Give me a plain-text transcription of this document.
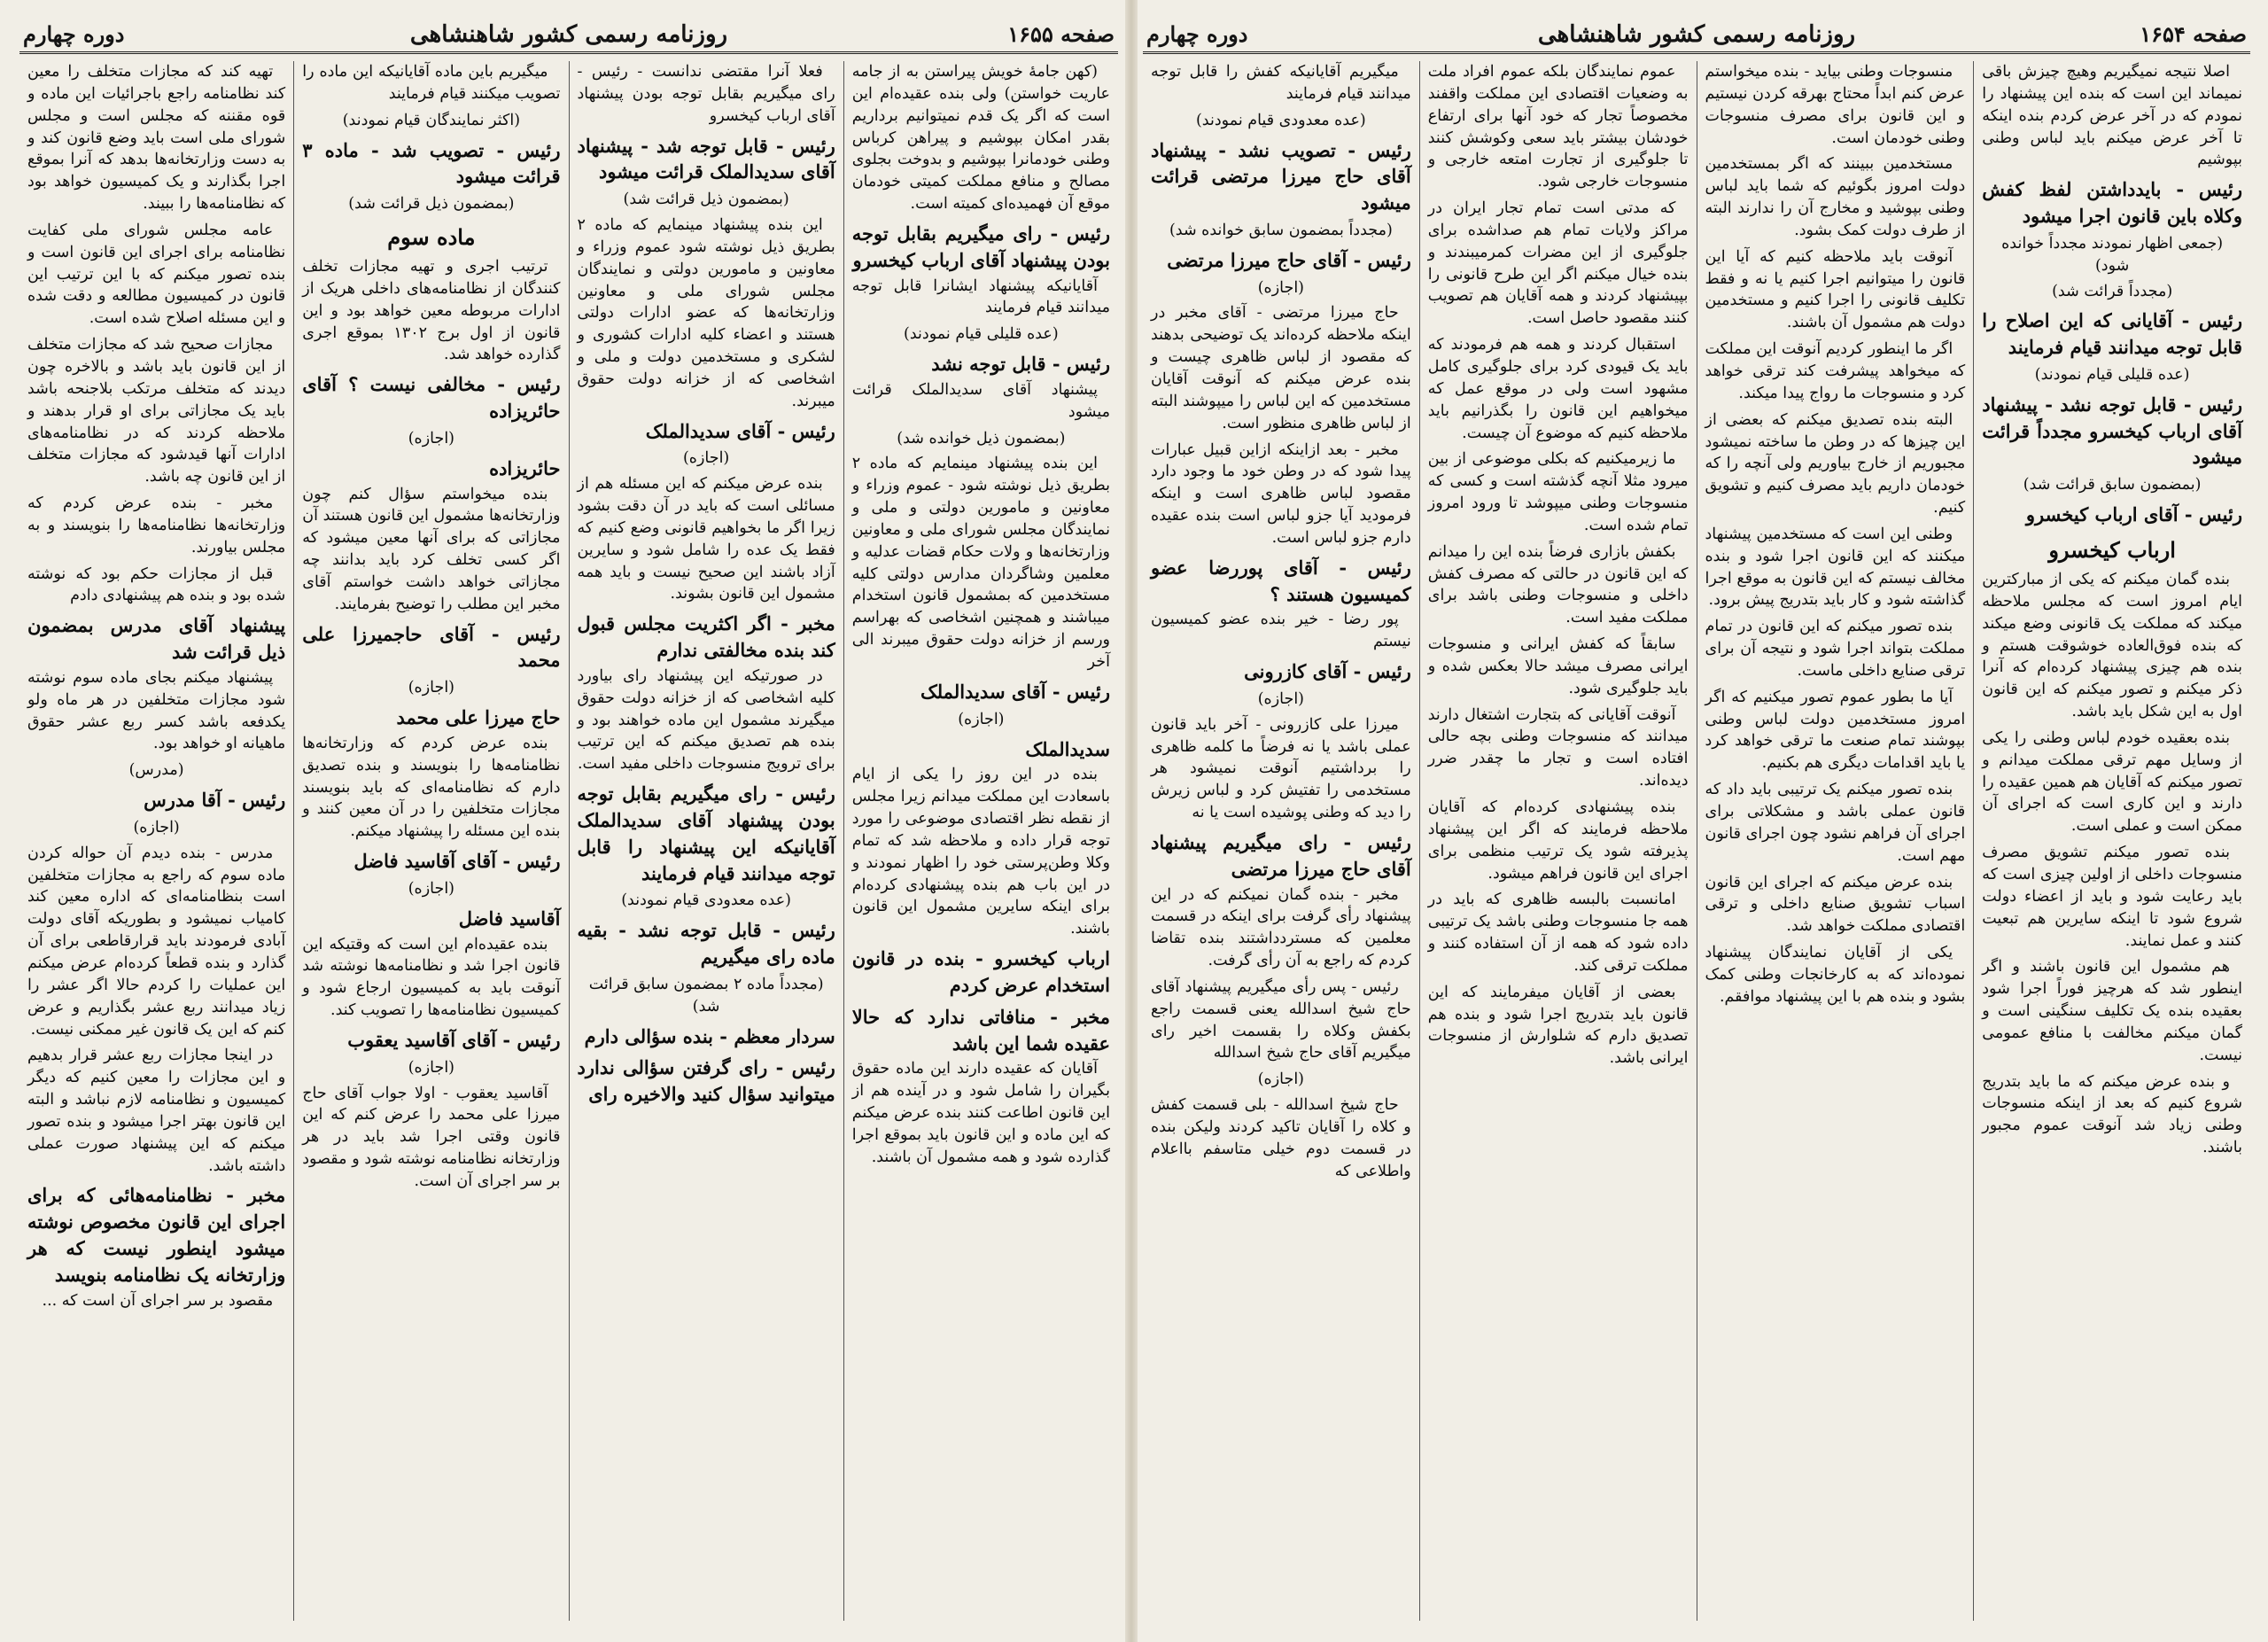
صفحه ۱۶۵۵
روزنامه رسمی کشور شاهنشاهی
دوره چهارم

(کهن جامهٔ خویش پیراستن به از جامه عاریت خواستن) ولی بنده عقیده‌ام این است که اگر یک قدم نمیتوانیم برداریم بقدر امکان بپوشیم و پیراهن کرباس وطنی خودمانرا بپوشیم و بدوخت بجلوی مصالح و منافع مملکت کمیتی خودمان موقع آن فهمیده‌ای کمیته است.

رئیس - رای میگیریم بقابل توجه بودن پیشنهاد آقای ارباب کیخسرو

آقایانیکه پیشنهاد ایشانرا قابل توجه میدانند قیام فرمایند

(عده قلیلی قیام نمودند)

رئیس - قابل توجه نشد

پیشنهاد آقای سدیدالملک قرائت میشود

(بمضمون ذیل خوانده شد)

این بنده پیشنهاد مینمایم که ماده ۲ بطریق ذیل نوشته شود - عموم وزراء و معاونین و مامورین دولتی و ملی و نمایندگان مجلس شورای ملی و معاونین وزارتخانه‌ها و ولات حکام قضات عدلیه و معلمین وشاگردان مدارس دولتی کلیه مستخدمین که بمشمول قانون استخدام میباشند و همچنین اشخاصی که بهراسم ورسم از خزانه دولت حقوق میبرند الی آخر

رئیس - آقای سدیدالملک

(اجازه)

سدیدالملک

بنده در این روز را یکی از ایام باسعادت این مملکت میدانم زیرا مجلس از نقطه نظر اقتصادی موضوعی را مورد توجه قرار داده و ملاحظه شد که تمام وکلا وطن‌پرستی خود را اظهار نمودند و در این باب هم بنده پیشنهادی کرده‌ام برای اینکه سایرین مشمول این قانون باشند.

ارباب کیخسرو - بنده در قانون استخدام عرض کردم

مخبر - منافاتی ندارد که حالا عقیده شما این باشد

آقایان که عقیده دارند این ماده حقوق بگیران را شامل شود و در آینده هم از این قانون اطاعت کنند بنده عرض میکنم که این ماده و این قانون باید بموقع اجرا گذارده شود و همه مشمول آن باشند.

فعلا آنرا مقتضی ندانست - رئیس - رای میگیریم بقابل توجه بودن پیشنهاد آقای ارباب کیخسرو

رئیس - قابل توجه شد - پیشنهاد آقای سدیدالملک قرائت میشود

(بمضمون ذیل قرائت شد)

این بنده پیشنهاد مینمایم که ماده ۲ بطریق ذیل نوشته شود عموم وزراء و معاونین و مامورین دولتی و نمایندگان مجلس شورای ملی و معاونین وزارتخانه‌ها که عضو ادارات دولتی هستند و اعضاء کلیه ادارات کشوری و لشکری و مستخدمین دولت و ملی و اشخاصی که از خزانه دولت حقوق میبرند.

رئیس - آقای سدیدالملک

(اجازه)

بنده عرض میکنم که این مسئله هم از مسائلی است که باید در آن دقت بشود زیرا اگر ما بخواهیم قانونی وضع کنیم که فقط یک عده را شامل شود و سایرین آزاد باشند این صحیح نیست و باید همه مشمول این قانون بشوند.

مخبر - اگر اکثریت مجلس قبول کند بنده مخالفتی ندارم

در صورتیکه این پیشنهاد رای بیاورد کلیه اشخاصی که از خزانه دولت حقوق میگیرند مشمول این ماده خواهند بود و بنده هم تصدیق میکنم که این ترتیب برای ترویج منسوجات داخلی مفید است.

رئیس - رای میگیریم بقابل توجه بودن پیشنهاد آقای سدیدالملک آقایانیکه این پیشنهاد را قابل توجه میدانند قیام فرمایند

(عده معدودی قیام نمودند)

رئیس - قابل توجه نشد - بقیه ماده رای میگیریم

(مجدداً ماده ۲ بمضمون سابق قرائت شد)

سردار معظم - بنده سؤالی دارم

رئیس - رای گرفتن سؤالی ندارد میتوانید سؤال کنید والاخیره رای

میگیریم باین ماده آقایانیکه این ماده را تصویب میکنند قیام فرمایند

(اکثر نمایندگان قیام نمودند)

رئیس - تصویب شد - ماده ۳ قرائت میشود

(بمضمون ذیل قرائت شد)

ماده سوم

ترتیب اجری و تهیه مجازات تخلف کنندگان از نظامنامه‌های داخلی هریک از ادارات مربوطه معین خواهد بود و این قانون از اول برج ۱۳۰۲ بموقع اجری گذارده خواهد شد.

رئیس - مخالفی نیست ؟ آقای حائریزاده

(اجازه)

حائریزاده

بنده میخواستم سؤال کنم چون وزارتخانه‌ها مشمول این قانون هستند آن مجازاتی که برای آنها معین میشود که اگر کسی تخلف کرد باید بدانند چه مجازاتی خواهد داشت خواستم آقای مخبر این مطلب را توضیح بفرمایند.

رئیس - آقای حاجمیرزا علی محمد

(اجازه)

حاج میرزا علی محمد

بنده عرض کردم که وزارتخانه‌ها نظامنامه‌ها را بنویسند و بنده تصدیق دارم که نظامنامه‌ای که باید بنویسند مجازات متخلفین را در آن معین کنند و بنده این مسئله را پیشنهاد میکنم.

رئیس - آقای آقاسید فاضل

(اجازه)

آقاسید فاضل

بنده عقیده‌ام این است که وقتیکه این قانون اجرا شد و نظامنامه‌ها نوشته شد آنوقت باید به کمیسیون ارجاع شود و کمیسیون نظامنامه‌ها را تصویب کند.

رئیس - آقای آقاسید یعقوب

(اجازه)

آقاسید یعقوب - اولا جواب آقای حاج میرزا علی محمد را عرض کنم که این قانون وقتی اجرا شد باید در هر وزارتخانه نظامنامه نوشته شود و مقصود بر سر اجرای آن است.

تهیه کند که مجازات متخلف را معین کند نظامنامه راجع باجرائیات این ماده و قوه مقننه که مجلس است و مجلس شورای ملی است باید وضع قانون کند و به دست وزارتخانه‌ها بدهد که آنرا بموقع اجرا بگذارند و یک کمیسیون خواهد بود که نظامنامه‌ها را ببیند.

عامه مجلس شورای ملی کفایت نظامنامه برای اجرای این قانون است و بنده تصور میکنم که با این ترتیب این قانون در کمیسیون مطالعه و دقت شده و این مسئله اصلاح شده است.

مجازات صحیح شد که مجازات متخلف از این قانون باید باشد و بالاخره چون دیدند که متخلف مرتکب بلاجنحه باشد باید یک مجازاتی برای او قرار بدهند و ملاحظه کردند که در نظامنامه‌های ادارات آنها قیدشود که مجازات متخلف از این قانون چه باشد.

مخبر - بنده عرض کردم که وزارتخانه‌ها نظامنامه‌ها را بنویسند و به مجلس بیاورند.

قبل از مجازات حکم بود که نوشته شده بود و بنده هم پیشنهادی دادم

پیشنهاد آقای مدرس بمضمون ذیل قرائت شد

پیشنهاد میکنم بجای ماده سوم نوشته شود مجازات متخلفین در هر ماه ولو یکدفعه باشد کسر ربع عشر حقوق ماهیانه او خواهد بود.

(مدرس)

رئیس - آقا مدرس

(اجازه)

مدرس - بنده دیدم آن حواله کردن ماده سوم که راجع به مجازات متخلفین است بنظامنامه‌ای که اداره معین کند کامیاب نمیشود و بطوریکه آقای دولت آبادی فرمودند باید قرارقاطعی برای آن گذارد و بنده قطعاً کرده‌ام عرض میکنم این عملیات را کردم حالا اگر عشر را زیاد میدانند ربع عشر بگذاریم و عرض کنم که این یک قانون غیر ممکنی نیست.

در اینجا مجازات ربع عشر قرار بدهیم و این مجازات را معین کنیم که دیگر کمیسیون و نظامنامه لازم نباشد و البته این قانون بهتر اجرا میشود و بنده تصور میکنم که این پیشنهاد صورت عملی داشته باشد.

مخبر - نظامنامه‌هائی که برای اجرای این قانون مخصوص نوشته میشود اینطور نیست که هر وزارتخانه یک نظامنامه بنویسد

مقصود بر سر اجرای آن است که ...

صفحه ۱۶۵۴
روزنامه رسمی کشور شاهنشاهی
دوره چهارم

اصلا نتیجه نمیگیریم وهیچ چیزش باقی نمیماند این است که بنده این پیشنهاد را نمودم که در آخر عرض کردم بنده اینکه تا آخر عرض میکنم باید لباس وطنی بپوشیم

رئیس - بایدداشتن لفظ کفش وکلاه باین قانون اجرا میشود

(جمعی اظهار نمودند مجدداً خوانده شود)

(مجدداً قرائت شد)

رئیس - آقایانی که این اصلاح را قابل توجه میدانند قیام فرمایند

(عده قلیلی قیام نمودند)

رئیس - قابل توجه نشد - پیشنهاد آقای ارباب کیخسرو مجدداً قرائت میشود

(بمضمون سابق قرائت شد)

رئیس - آقای ارباب کیخسرو

ارباب کیخسرو

بنده گمان میکنم که یکی از مبارکترین ایام امروز است که مجلس ملاحظه میکند که مملکت یک قانونی وضع میکند که بنده فوق‌العاده خوشوقت هستم و بنده هم چیزی پیشنهاد کرده‌ام که آنرا ذکر میکنم و تصور میکنم که این قانون اول به این شکل باید باشد.

بنده بعقیده خودم لباس وطنی را یکی از وسایل مهم ترقی مملکت میدانم و تصور میکنم که آقایان هم همین عقیده را دارند و این کاری است که اجرای آن ممکن است و عملی است.

بنده تصور میکنم تشویق مصرف منسوجات داخلی از اولین چیزی است که باید رعایت شود و باید از اعضاء دولت شروع شود تا اینکه سایرین هم تبعیت کنند و عمل نمایند.

هم مشمول این قانون باشند و اگر اینطور شد که هرچیز فوراً اجرا شود بعقیده بنده یک تکلیف سنگینی است و گمان میکنم مخالفت با منافع عمومی نیست.

و بنده عرض میکنم که ما باید بتدریج شروع کنیم که بعد از اینکه منسوجات وطنی زیاد شد آنوقت عموم مجبور باشند.

منسوجات وطنی بیاید - بنده میخواستم عرض کنم ابداً محتاج بهرقه کردن نیستیم و این قانون برای مصرف منسوجات وطنی خودمان است.

مستخدمین ببینند که اگر بمستخدمین دولت امروز بگوئیم که شما باید لباس وطنی بپوشید و مخارج آن را ندارند البته از طرف دولت کمک بشود.

آنوقت باید ملاحظه کنیم که آیا این قانون را میتوانیم اجرا کنیم یا نه و فقط تکلیف قانونی را اجرا کنیم و مستخدمین دولت هم مشمول آن باشند.

اگر ما اینطور کردیم آنوقت این مملکت که میخواهد پیشرفت کند ترقی خواهد کرد و منسوجات ما رواج پیدا میکند.

البته بنده تصدیق میکنم که بعضی از این چیزها که در وطن ما ساخته نمیشود مجبوریم از خارج بیاوریم ولی آنچه را که خودمان داریم باید مصرف کنیم و تشویق کنیم.

وطنی این است که مستخدمین پیشنهاد میکنند که این قانون اجرا شود و بنده مخالف نیستم که این قانون به موقع اجرا گذاشته شود و کار باید بتدریج پیش برود.

بنده تصور میکنم که این قانون در تمام مملکت بتواند اجرا شود و نتیجه آن برای ترقی صنایع داخلی ماست.

آیا ما بطور عموم تصور میکنیم که اگر امروز مستخدمین دولت لباس وطنی بپوشند تمام صنعت ما ترقی خواهد کرد یا باید اقدامات دیگری هم بکنیم.

بنده تصور میکنم یک ترتیبی باید داد که قانون عملی باشد و مشکلاتی برای اجرای آن فراهم نشود چون اجرای قانون مهم است.

بنده عرض میکنم که اجرای این قانون اسباب تشویق صنایع داخلی و ترقی اقتصادی مملکت خواهد شد.

یکی از آقایان نمایندگان پیشنهاد نموده‌اند که به کارخانجات وطنی کمک بشود و بنده هم با این پیشنهاد موافقم.

عموم نمایندگان بلکه عموم افراد ملت به وضعیات اقتصادی این مملکت واقفند مخصوصاً تجار که خود آنها برای ارتفاع خودشان بیشتر باید سعی وکوشش کنند تا جلوگیری از تجارت امتعه خارجی و منسوجات خارجی شود.

که مدتی است تمام تجار ایران در مراکز ولایات تمام هم صداشده برای جلوگیری از این مضرات کمرمیبندند و بنده خیال میکنم اگر این طرح قانونی را بپیشنهاد کردند و همه آقایان هم تصویب کنند مقصود حاصل است.

استقبال کردند و همه هم فرمودند که باید یک قیودی کرد برای جلوگیری کامل مشهود است ولی در موقع عمل که میخواهیم این قانون را بگذرانیم باید ملاحظه کنیم که موضوع آن چیست.

ما زیرمیکنیم که بکلی موضوعی از بین میرود مثلا آنچه گذشته است و کسی که منسوجات وطنی میپوشد تا ورود امروز تمام شده است.

بکفش بازاری فرضاً بنده این را میدانم که این قانون در حالتی که مصرف کفش داخلی و منسوجات وطنی باشد برای مملکت مفید است.

سابقاً که کفش ایرانی و منسوجات ایرانی مصرف میشد حالا بعکس شده و باید جلوگیری شود.

آنوقت آقایانی که بتجارت اشتغال دارند میدانند که منسوجات وطنی بچه حالی افتاده است و تجار ما چقدر ضرر دیده‌اند.

بنده پیشنهادی کرده‌ام که آقایان ملاحظه فرمایند که اگر این پیشنهاد پذیرفته شود یک ترتیب منظمی برای اجرای این قانون فراهم میشود.

امانسبت بالبسه ظاهری که باید در همه جا منسوجات وطنی باشد یک ترتیبی داده شود که همه از آن استفاده کنند و مملکت ترقی کند.

بعضی از آقایان میفرمایند که این قانون باید بتدریج اجرا شود و بنده هم تصدیق دارم که شلوارش از منسوجات ایرانی باشد.

میگیریم آقایانیکه کفش را قابل توجه میدانند قیام فرمایند

(عده معدودی قیام نمودند)

رئیس - تصویب نشد - پیشنهاد آقای حاج میرزا مرتضی قرائت میشود

(مجدداً بمضمون سابق خوانده شد)

رئیس - آقای حاج میرزا مرتضی

(اجازه)

حاج میرزا مرتضی - آقای مخبر در اینکه ملاحظه کرده‌اند یک توضیحی بدهند که مقصود از لباس ظاهری چیست و بنده عرض میکنم که آنوقت آقایان مستخدمین که این لباس را میپوشند البته از لباس ظاهری منظور است.

مخبر - بعد ازاینکه ازاین قبیل عبارات پیدا شود که در وطن خود ما وجود دارد مقصود لباس ظاهری است و اینکه فرمودید آیا جزو لباس است بنده عقیده دارم جزو لباس است.

رئیس - آقای پوررضا عضو کمیسیون هستند ؟

پور رضا - خیر بنده عضو کمیسیون نیستم

رئیس - آقای کازرونی

(اجازه)

میرزا علی کازرونی - آخر باید قانون عملی باشد یا نه فرضاً ما کلمه ظاهری را برداشتیم آنوقت نمیشود هر مستخدمی را تفتیش کرد و لباس زیرش را دید که وطنی پوشیده است یا نه

رئیس - رای میگیریم پیشنهاد آقای حاج میرزا مرتضی

مخبر - بنده گمان نمیکنم که در این پیشنهاد رأی گرفت برای اینکه در قسمت معلمین که مستردداشتند بنده تقاضا کردم که راجع به آن رأی گرفت.

رئیس - پس رأی میگیریم پیشنهاد آقای حاج شیخ اسدالله یعنی قسمت راجع بکفش وکلاه را بقسمت اخیر رای میگیریم آقای حاج شیخ اسدالله

(اجازه)

حاج شیخ اسدالله - بلی قسمت کفش و کلاه را آقایان تاکید کردند ولیکن بنده در قسمت دوم خیلی متاسفم بااعلام واطلاعی که
